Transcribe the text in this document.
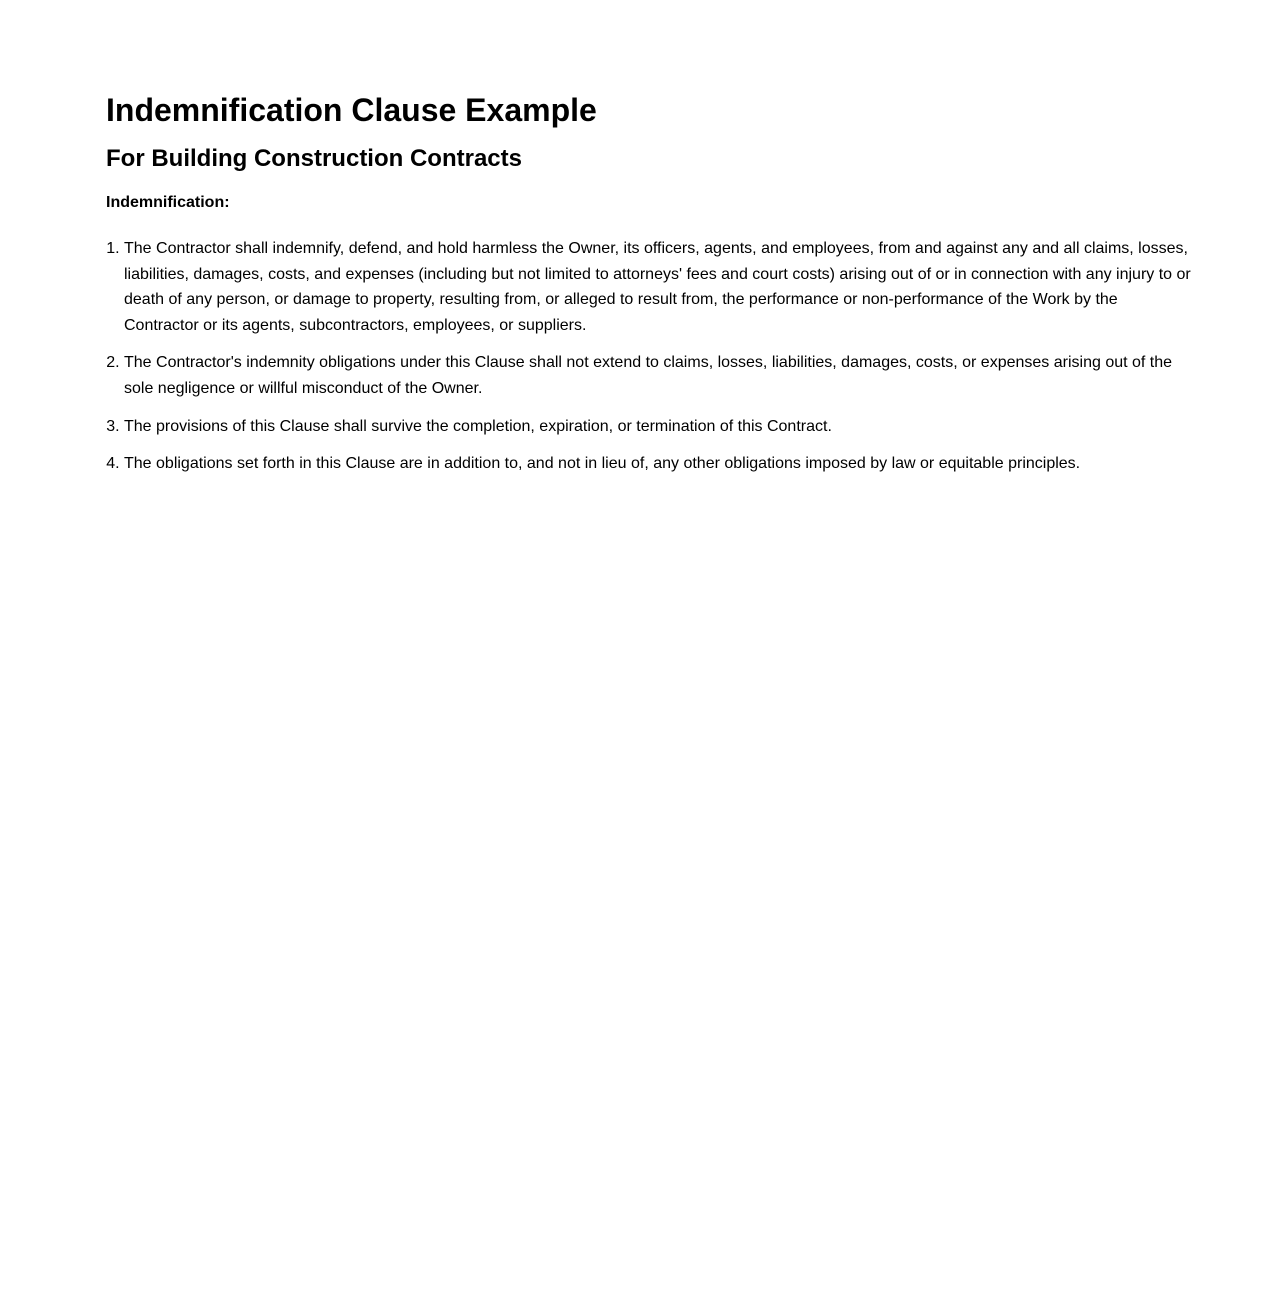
Indemnification Clause Example
For Building Construction Contracts

Indemnification:

1. The Contractor shall indemnify, defend, and hold harmless the Owner, its officers, agents, and employees, from and against any and all claims, losses, liabilities, damages, costs, and expenses (including but not limited to attorneys' fees and court costs) arising out of or in connection with any injury to or death of any person, or damage to property, resulting from, or alleged to result from, the performance or non-performance of the Work by the Contractor or its agents, subcontractors, employees, or suppliers.
2. The Contractor's indemnity obligations under this Clause shall not extend to claims, losses, liabilities, damages, costs, or expenses arising out of the sole negligence or willful misconduct of the Owner.
3. The provisions of this Clause shall survive the completion, expiration, or termination of this Contract.
4. The obligations set forth in this Clause are in addition to, and not in lieu of, any other obligations imposed by law or equitable principles.
